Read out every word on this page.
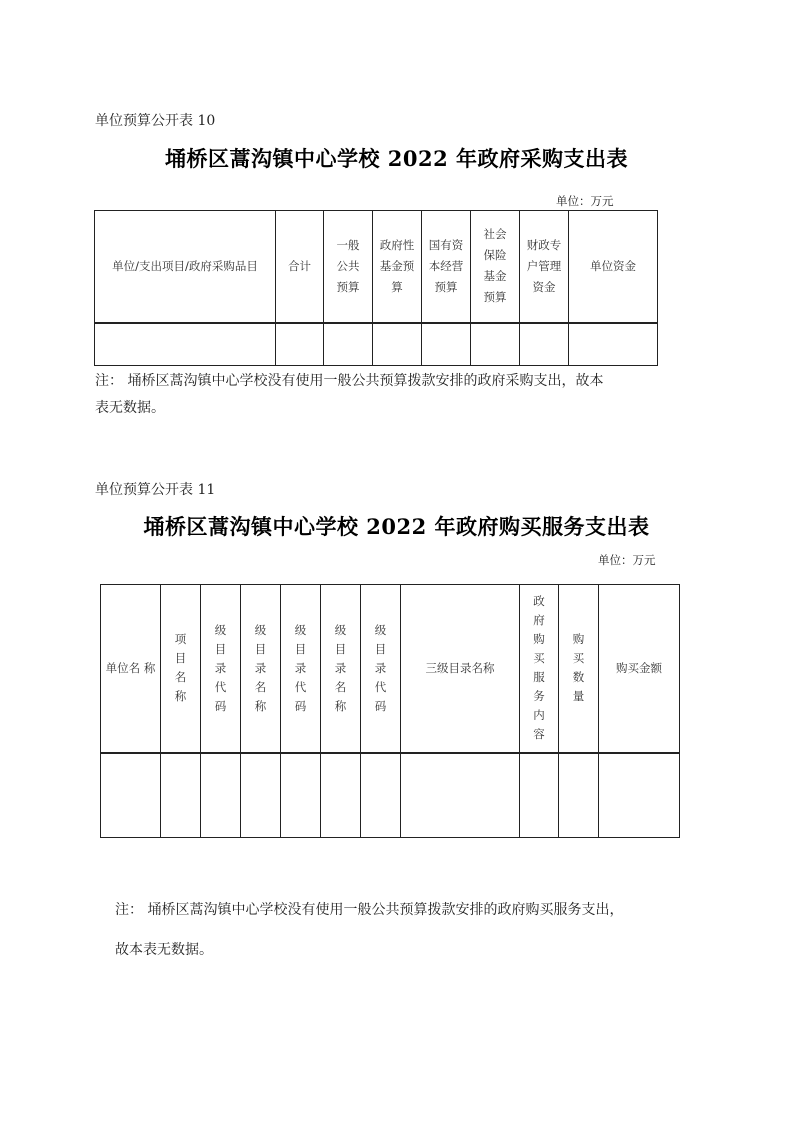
单位预算公开表 10
埇桥区蒿沟镇中心学校 2022 年政府采购支出表
单位：万元
单位/支出项目/政府采购品目	合计	一般公共预算	政府性基金预算	国有资本经营预算	社会保险基金预算	财政专户管理资金	单位资金

注： 埇桥区蒿沟镇中心学校没有使用一般公共预算拨款安排的政府采购支出，故本
表无数据。
单位预算公开表 11
埇桥区蒿沟镇中心学校 2022 年政府购买服务支出表
单位：万元
单位名 称	项目名称	级目录代码	级目录名称	级目录代码	级目录名称	级目录代码	三级目录名称	政府购买服务内容	购买数量	购买金额

注： 埇桥区蒿沟镇中心学校没有使用一般公共预算拨款安排的政府购买服务支出，
故本表无数据。
